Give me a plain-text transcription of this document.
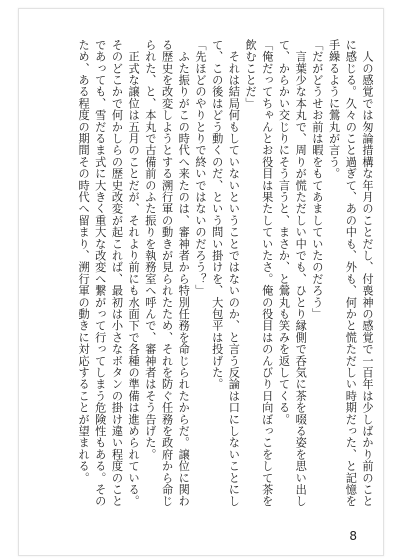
　人の感覚では匆論措構な年月のことだし、付喪神の感覚で一百年は少しばかり前のことに感じる。久々のこと過ぎて、あの中も、外も、何かと慌ただしい時期だった、と記憶を手繰るように鶯丸が言う。

「だがどうせお前は暇をもてあましていたのだろう」

　言葉少な本丸で、周りが慌ただしい中でも、ひとり縁側で呑気に茶を啜る姿を思い出して、からかい交じりにそう言うと、まさか、と鶯丸も笑みを返してくる。

「俺だってちゃんとお役目は果たしていたさ。俺の役目はのんびり日向ぼっこをして茶を飲むことだ」

　それは結局何もしていないということではないのか、と言う反論は口にしないことにして、この後はどう動くのだ、という問い掛けを、大包平は投げた。

「先ほどのやりとりで終いではないのだろう？」

　ふた振りがこの時代へ来たのは、審神者から特別任務を命じられたからだ。譲位に関わる歴史を改変しようとする溯行軍の動きが見られたため、それを防ぐ任務を政府から命じられた、と、本丸で古備前のふた振りを執務室へ呼んで、審神者はそう告げた。

　正式な譲位は五月のことだが、それより前にも水面下で各種の準備は進められている。そのどこかで何かしらの歴史改変が起これば、最初は小さなボタンの掛け違い程度のことであっても、雪だるま式に大きく重大な改変へ繋がって行ってしまう危険性もある。そのため、ある程度の期間その時代へ留まり、溯行軍の動きに対応することが望まれる。

8
